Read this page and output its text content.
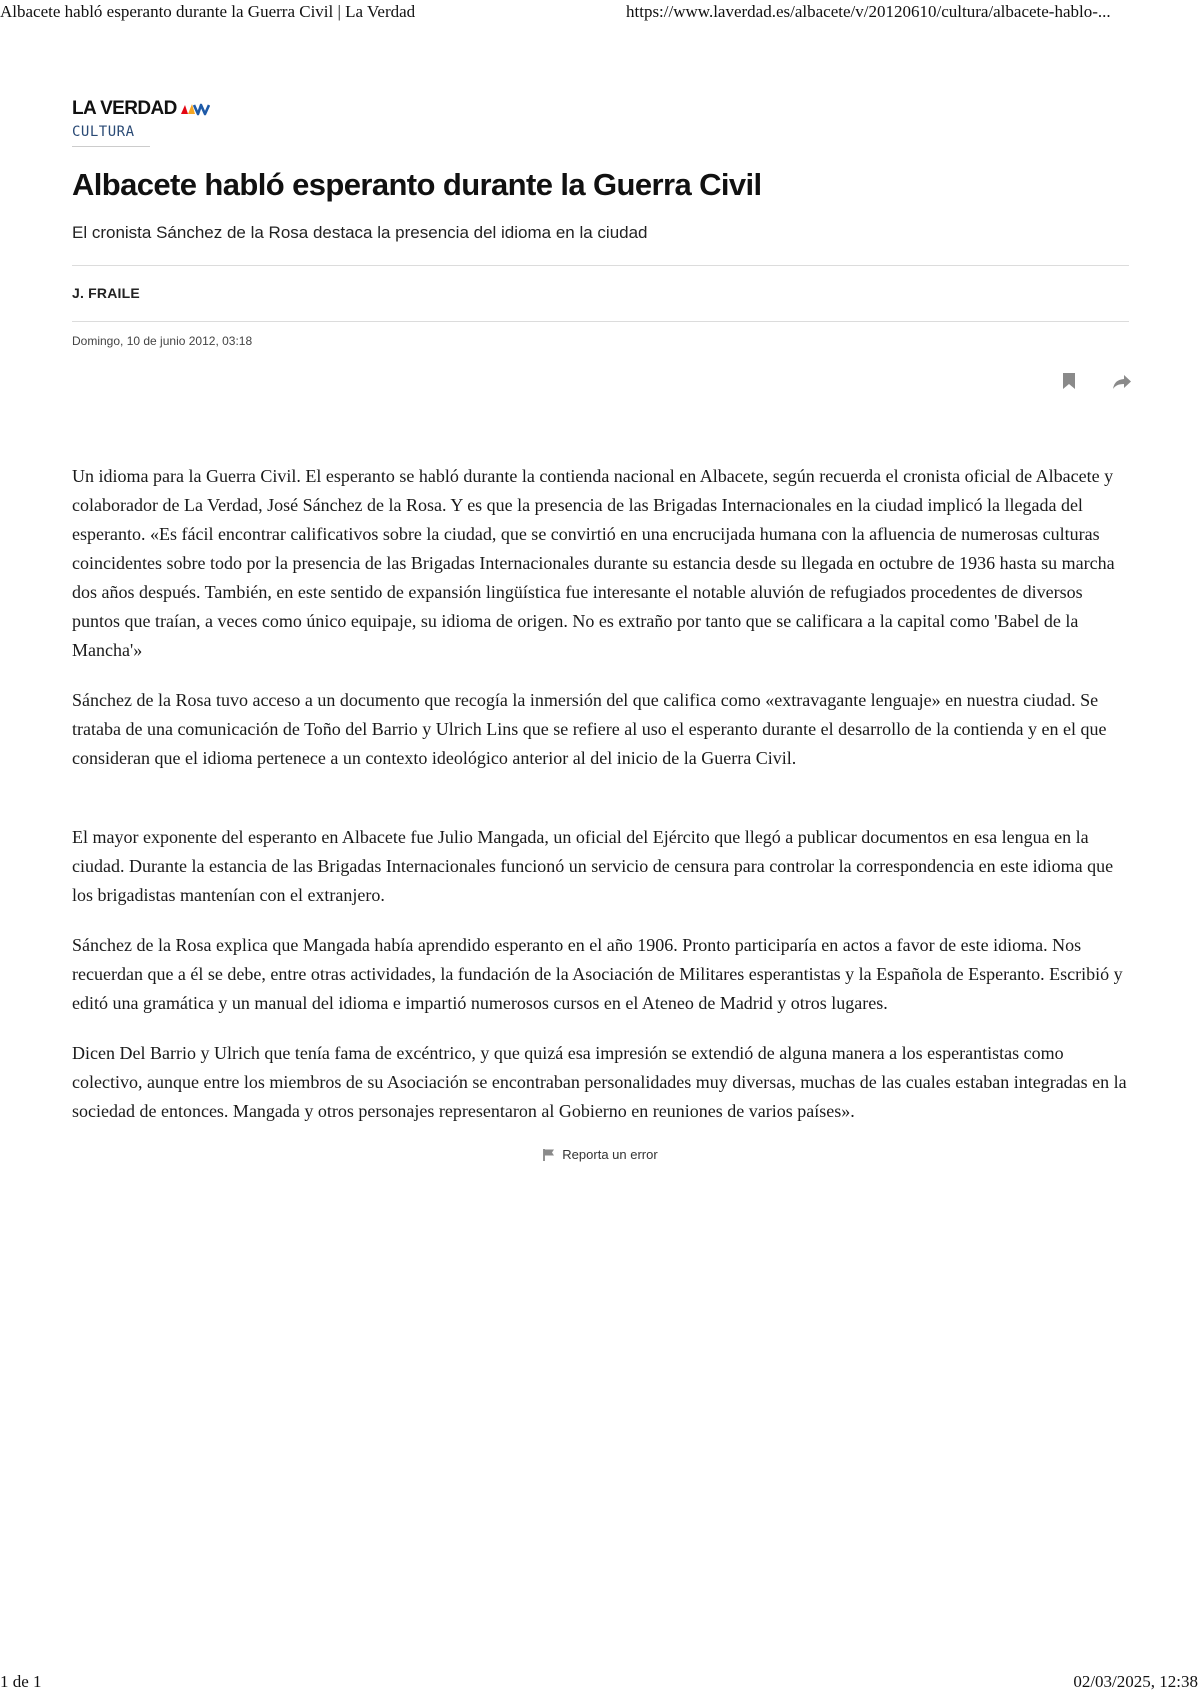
Albacete habló esperanto durante la Guerra Civil | La Verdad	https://www.laverdad.es/albacete/v/20120610/cultura/albacete-hablo-...
LA VERDAD
CULTURA
Albacete habló esperanto durante la Guerra Civil
El cronista Sánchez de la Rosa destaca la presencia del idioma en la ciudad
J. FRAILE
Domingo, 10 de junio 2012, 03:18

Un idioma para la Guerra Civil. El esperanto se habló durante la contienda nacional en Albacete, según recuerda el cronista oficial de Albacete y colaborador de La Verdad, José Sánchez de la Rosa. Y es que la presencia de las Brigadas Internacionales en la ciudad implicó la llegada del esperanto. «Es fácil encontrar calificativos sobre la ciudad, que se convirtió en una encrucijada humana con la afluencia de numerosas culturas coincidentes sobre todo por la presencia de las Brigadas Internacionales durante su estancia desde su llegada en octubre de 1936 hasta su marcha dos años después. También, en este sentido de expansión lingüística fue interesante el notable aluvión de refugiados procedentes de diversos puntos que traían, a veces como único equipaje, su idioma de origen. No es extraño por tanto que se calificara a la capital como 'Babel de la Mancha'»

Sánchez de la Rosa tuvo acceso a un documento que recogía la inmersión del que califica como «extravagante lenguaje» en nuestra ciudad. Se trataba de una comunicación de Toño del Barrio y Ulrich Lins que se refiere al uso el esperanto durante el desarrollo de la contienda y en el que consideran que el idioma pertenece a un contexto ideológico anterior al del inicio de la Guerra Civil.

El mayor exponente del esperanto en Albacete fue Julio Mangada, un oficial del Ejército que llegó a publicar documentos en esa lengua en la ciudad. Durante la estancia de las Brigadas Internacionales funcionó un servicio de censura para controlar la correspondencia en este idioma que los brigadistas mantenían con el extranjero.

Sánchez de la Rosa explica que Mangada había aprendido esperanto en el año 1906. Pronto participaría en actos a favor de este idioma. Nos recuerdan que a él se debe, entre otras actividades, la fundación de la Asociación de Militares esperantistas y la Española de Esperanto. Escribió y editó una gramática y un manual del idioma e impartió numerosos cursos en el Ateneo de Madrid y otros lugares.

Dicen Del Barrio y Ulrich que tenía fama de excéntrico, y que quizá esa impresión se extendió de alguna manera a los esperantistas como colectivo, aunque entre los miembros de su Asociación se encontraban personalidades muy diversas, muchas de las cuales estaban integradas en la sociedad de entonces. Mangada y otros personajes representaron al Gobierno en reuniones de varios países».

Reporta un error
1 de 1	02/03/2025, 12:38
